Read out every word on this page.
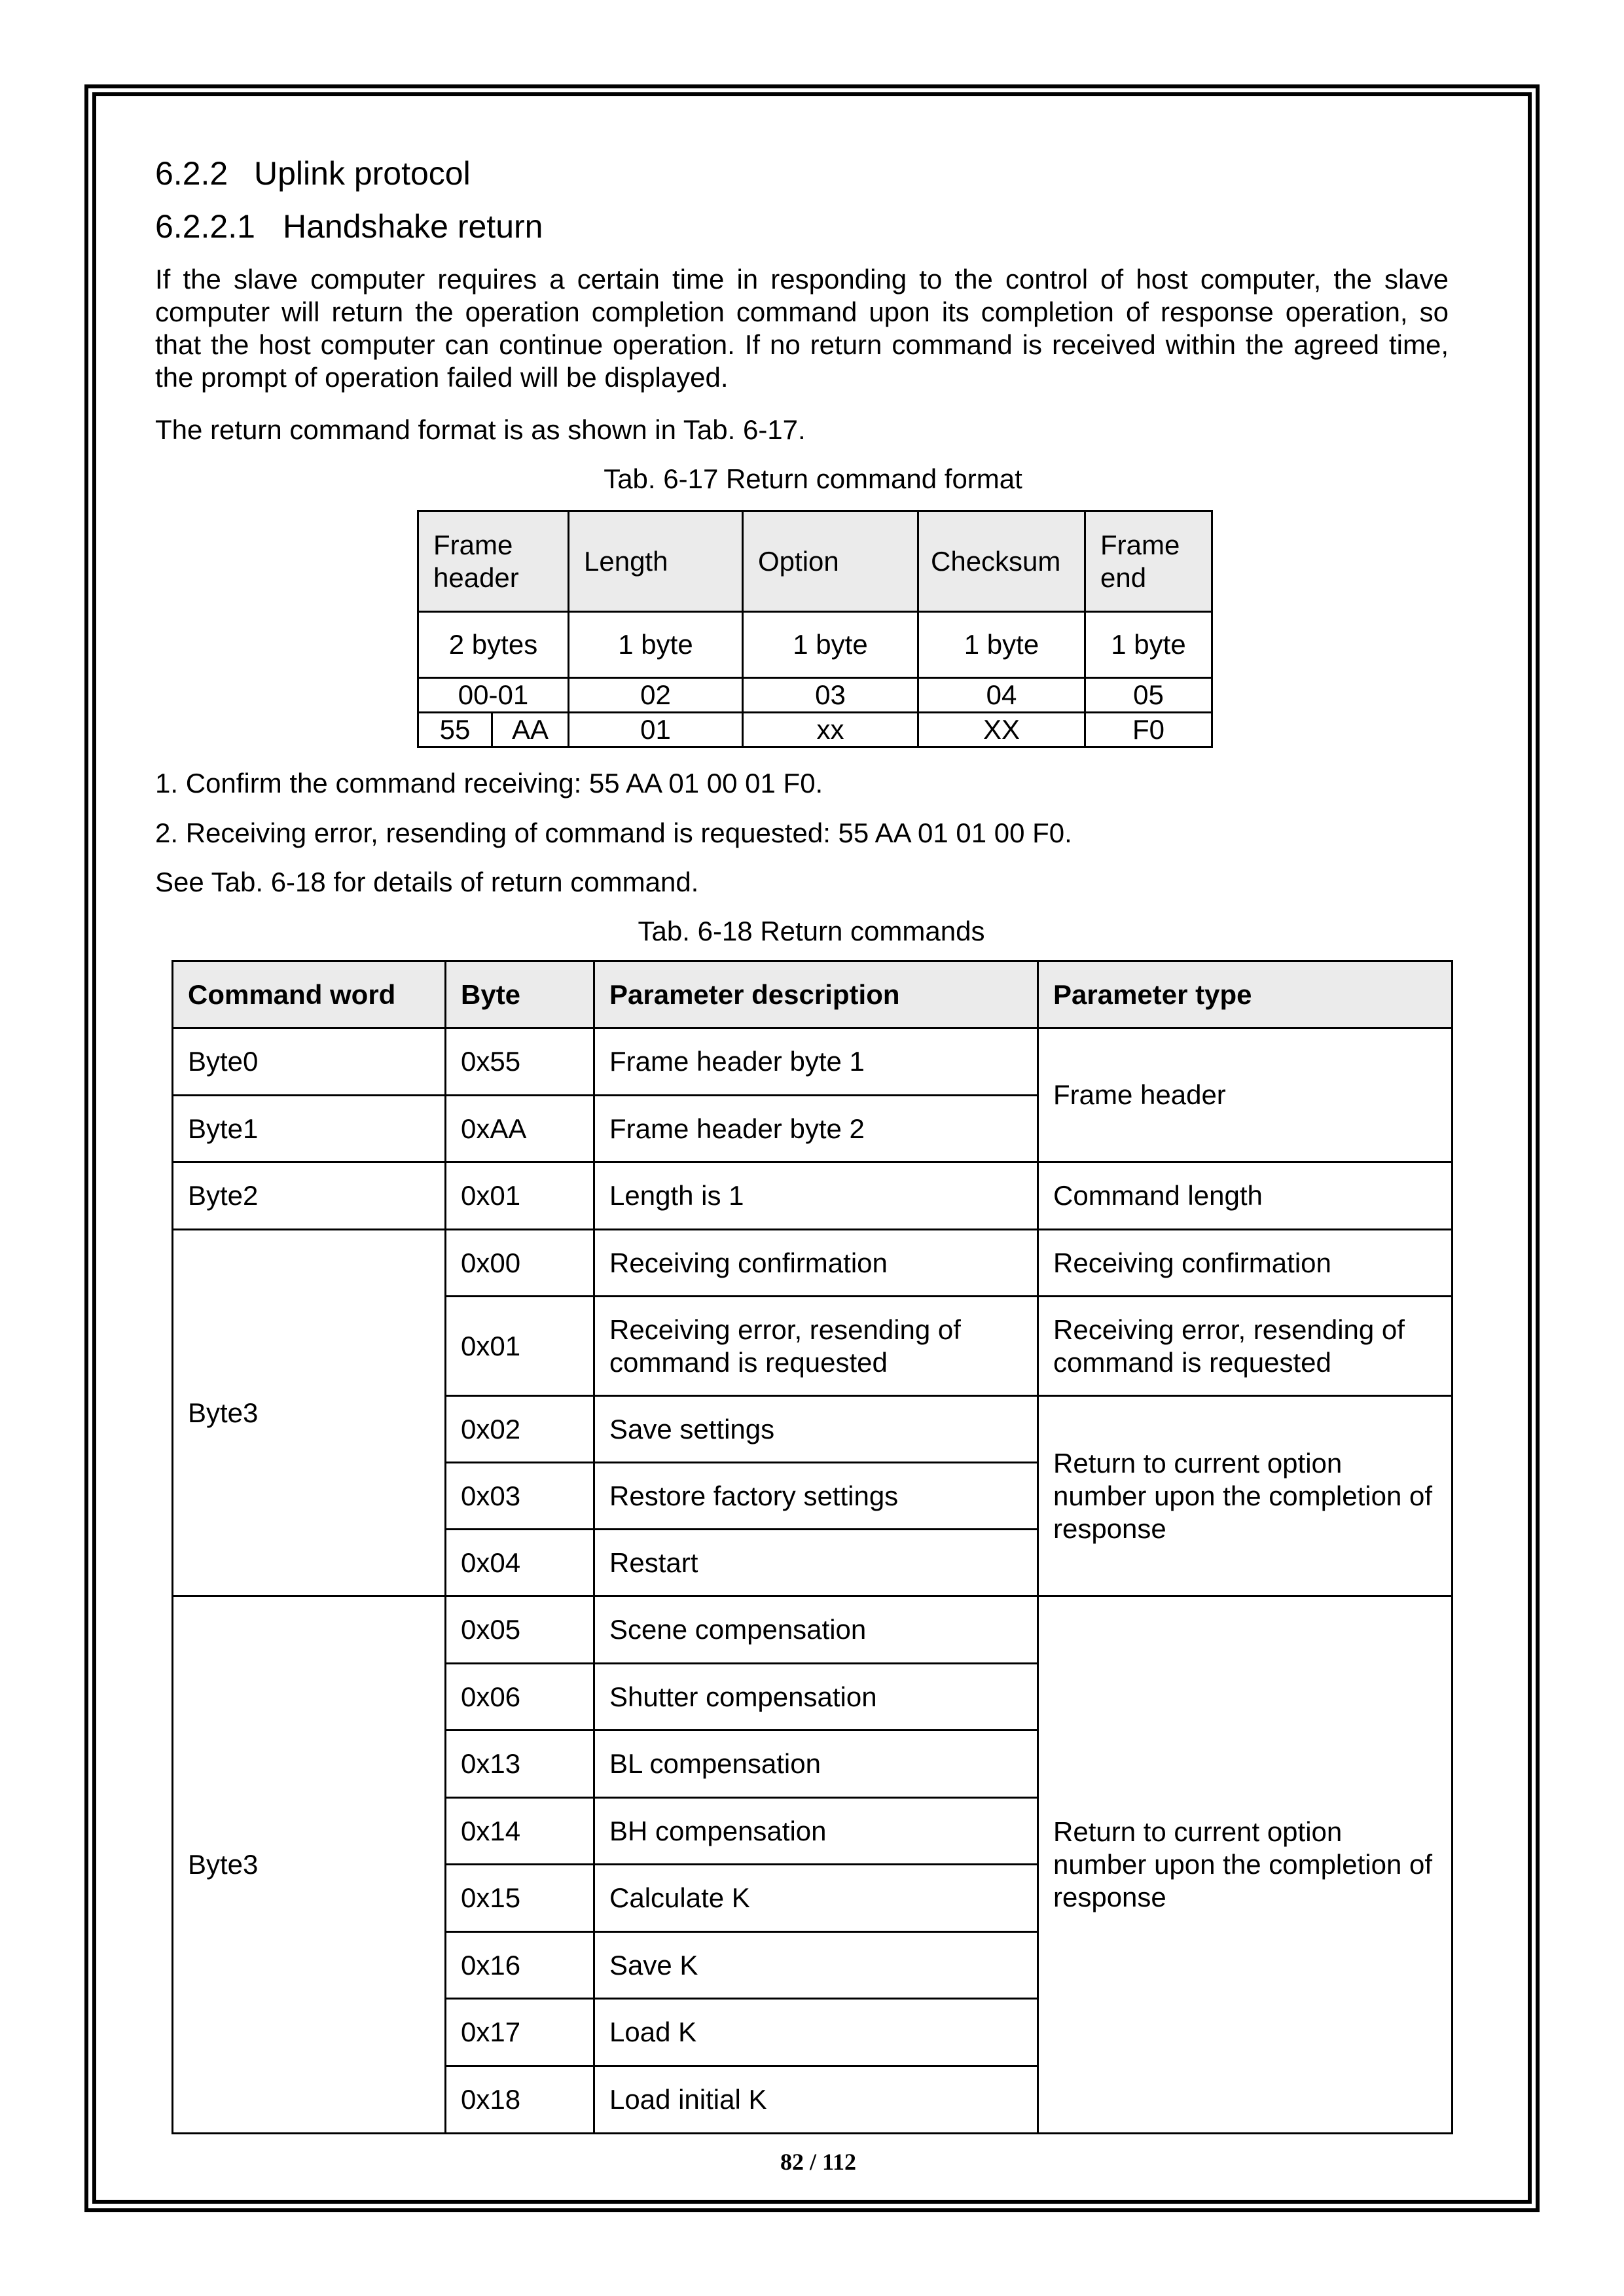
6.2.2 Uplink protocol
6.2.2.1 Handshake return
If the slave computer requires a certain time in responding to the control of host computer, the slave
computer will return the operation completion command upon its completion of response operation, so
that the host computer can continue operation. If no return command is received within the agreed time,
the prompt of operation failed will be displayed.
The return command format is as shown in Tab. 6-17.
Tab. 6-17 Return command format
Frame header		Length	Option	Checksum	Frame end
2 bytes		1 byte	1 byte	1 byte	1 byte
00-01		02	03	04	05
55	AA	01	xx	XX	F0
1. Confirm the command receiving: 55 AA 01 00 01 F0.
2. Receiving error, resending of command is requested: 55 AA 01 01 00 F0.
See Tab. 6-18 for details of return command.
Tab. 6-18 Return commands
Command word	Byte	Parameter description	Parameter type
Byte0	0x55	Frame header byte 1	Frame header
Byte1	0xAA	Frame header byte 2	
Byte2	0x01	Length is 1	Command length
Byte3	0x00	Receiving confirmation	Receiving confirmation
	0x01	Receiving error, resending of command is requested	Receiving error, resending of command is requested
	0x02	Save settings	Return to current option number upon the completion of response
	0x03	Restore factory settings	
	0x04	Restart	
Byte3	0x05	Scene compensation	Return to current option number upon the completion of response
	0x06	Shutter compensation	
	0x13	BL compensation	
	0x14	BH compensation	
	0x15	Calculate K	
	0x16	Save K	
	0x17	Load K	
	0x18	Load initial K	
82 / 112
